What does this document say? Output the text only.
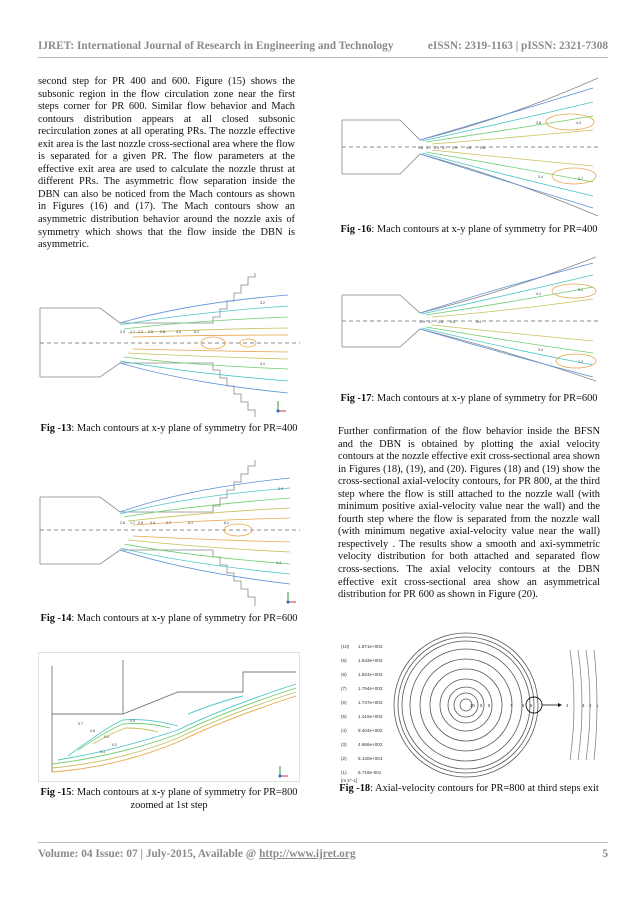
IJRET: International Journal of Research in Engineering and Technology	eISSN: 2319-1163 | pISSN: 2321-7308
second step for PR 400 and 600. Figure (15) shows the subsonic region in the flow circulation zone near the first steps corner for PR 600. Similar flow behavior and Mach contours distribution appears at all closed subsonic recirculation zones at all operating PRs. The nozzle effective exit area is the last nozzle cross-sectional area where the flow is separated for a given PR. The flow parameters at the effective exit area are used to calculate the nozzle thrust at different PRs. The asymmetric flow separation inside the DBN can also be noticed from the Mach contours as shown in Figures (16) and (17). The Mach contours show an asymmetric distribution behavior around the nozzle axis of symmetry which shows that the flow inside the DBN is asymmetric.
2.9 1.7 2.2 2.5 2.8	4.5	5.2
3.2
4.1
Fig -13: Mach contours at x-y plane of symmetry for PR=400
2.8 1.7 2.5 3.4	4.2	5.1	6.1
3.9
4.4
Fig -14: Mach contours at x-y plane of symmetry for PR=600
0.7
0.6
0.4
0.2
0.3
0.5
Fig -15: Mach contours at x-y plane of symmetry for PR=800 zoomed at 1st step
0.8 1.7 2.5 3.7 3.9	4.8	5.6
3.8	4.3
3.4	5.7
Fig -16: Mach contours at x-y plane of symmetry for PR=400
0.9 1.7 2.6 3.5	4.4
4.1
5.1
3.4
7.2
Fig -17: Mach contours at x-y plane of symmetry for PR=600
Further confirmation of the flow behavior inside the BFSN and the DBN is obtained by plotting the axial velocity contours at the nozzle effective exit cross-sectional area shown in Figures (18), (19), and (20). Figures (18) and (19) show the cross-sectional axial-velocity contours, for PR 800, at the third step where the flow is still attached to the nozzle wall (with minimum positive axial-velocity value near the wall) and the fourth step where the flow is separated from the nozzle wall (with minimum negative axial-velocity value near the wall) respectively . The results show a smooth and axi-symmetric velocity distribution for both attached and separated flow cross-sections. The axial velocity contours at the DBN effective exit cross-sectional area show an asymmetrical distribution for PR 600 as shown in Figure (20).
(10) 1.871e+003
(9) 1.843e+003
(8) 1.824e+003
(7) 1.794e+003
(6) 1.747e+003
(5) 1.415e+003
(4) 9.404e+002
(3) 4.666e+002
(2) 5.140e+001
(1) 6.718e-001
[m s^-1]
10 9 8	7 6 5	4	3 2 1
Fig -18: Axial-velocity contours for PR=800 at third steps exit
Volume: 04 Issue: 07 | July-2015, Available @ http://www.ijret.org	5
